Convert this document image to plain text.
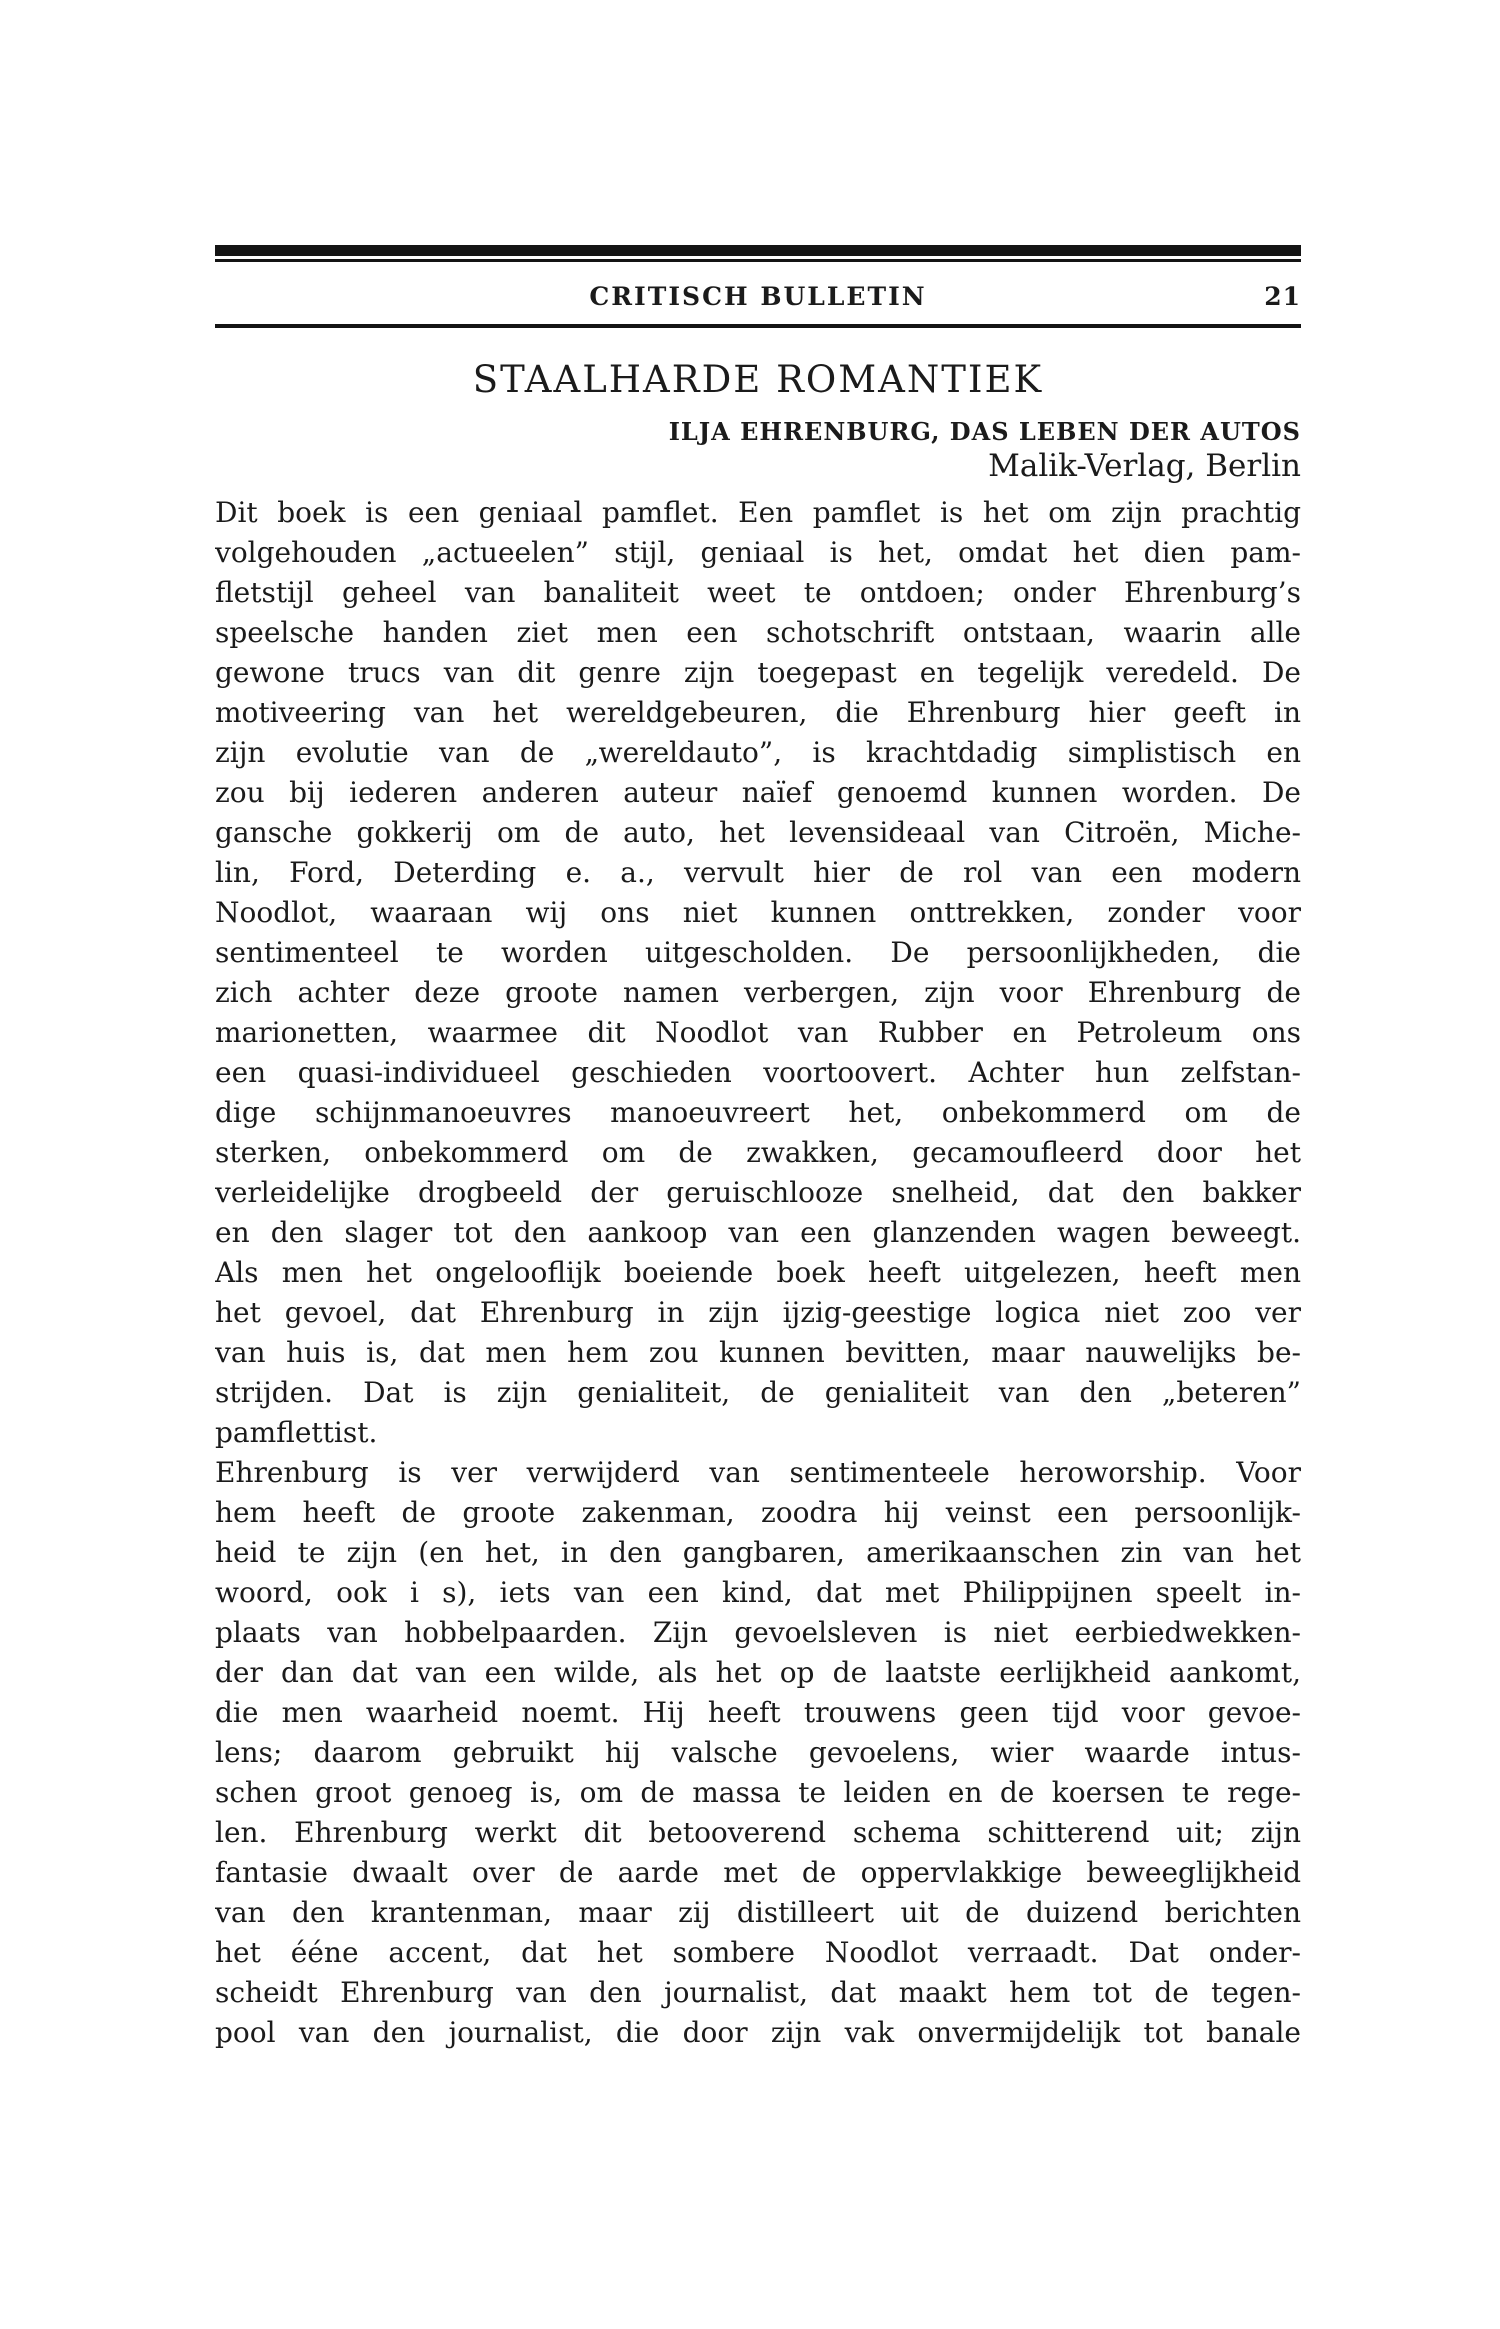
CRITISCH BULLETIN	21
STAALHARDE ROMANTIEK
ILJA EHRENBURG, DAS LEBEN DER AUTOS
Malik-Verlag, Berlin
Dit boek is een geniaal pamflet. Een pamflet is het om zijn prachtig
volgehouden „actueelen” stijl, geniaal is het, omdat het dien pam-
fletstijl geheel van banaliteit weet te ontdoen; onder Ehrenburg’s
speelsche handen ziet men een schotschrift ontstaan, waarin alle
gewone trucs van dit genre zijn toegepast en tegelijk veredeld. De
motiveering van het wereldgebeuren, die Ehrenburg hier geeft in
zijn evolutie van de „wereldauto”, is krachtdadig simplistisch en
zou bij iederen anderen auteur naïef genoemd kunnen worden. De
gansche gokkerij om de auto, het levensideaal van Citroën, Miche-
lin, Ford, Deterding e. a., vervult hier de rol van een modern
Noodlot, waaraan wij ons niet kunnen onttrekken, zonder voor
sentimenteel te worden uitgescholden. De persoonlijkheden, die
zich achter deze groote namen verbergen, zijn voor Ehrenburg de
marionetten, waarmee dit Noodlot van Rubber en Petroleum ons
een quasi-individueel geschieden voortoovert. Achter hun zelfstan-
dige schijnmanoeuvres manoeuvreert het, onbekommerd om de
sterken, onbekommerd om de zwakken, gecamoufleerd door het
verleidelijke drogbeeld der geruischlooze snelheid, dat den bakker
en den slager tot den aankoop van een glanzenden wagen beweegt.
Als men het ongelooflijk boeiende boek heeft uitgelezen, heeft men
het gevoel, dat Ehrenburg in zijn ijzig-geestige logica niet zoo ver
van huis is, dat men hem zou kunnen bevitten, maar nauwelijks be-
strijden. Dat is zijn genialiteit, de genialiteit van den „beteren”
pamflettist.
Ehrenburg is ver verwijderd van sentimenteele heroworship. Voor
hem heeft de groote zakenman, zoodra hij veinst een persoonlijk-
heid te zijn (en het, in den gangbaren, amerikaanschen zin van het
woord, ook i s), iets van een kind, dat met Philippijnen speelt in-
plaats van hobbelpaarden. Zijn gevoelsleven is niet eerbiedwekken-
der dan dat van een wilde, als het op de laatste eerlijkheid aankomt,
die men waarheid noemt. Hij heeft trouwens geen tijd voor gevoe-
lens; daarom gebruikt hij valsche gevoelens, wier waarde intus-
schen groot genoeg is, om de massa te leiden en de koersen te rege-
len. Ehrenburg werkt dit betooverend schema schitterend uit; zijn
fantasie dwaalt over de aarde met de oppervlakkige beweeglijkheid
van den krantenman, maar zij distilleert uit de duizend berichten
het ééne accent, dat het sombere Noodlot verraadt. Dat onder-
scheidt Ehrenburg van den journalist, dat maakt hem tot de tegen-
pool van den journalist, die door zijn vak onvermijdelijk tot banale
